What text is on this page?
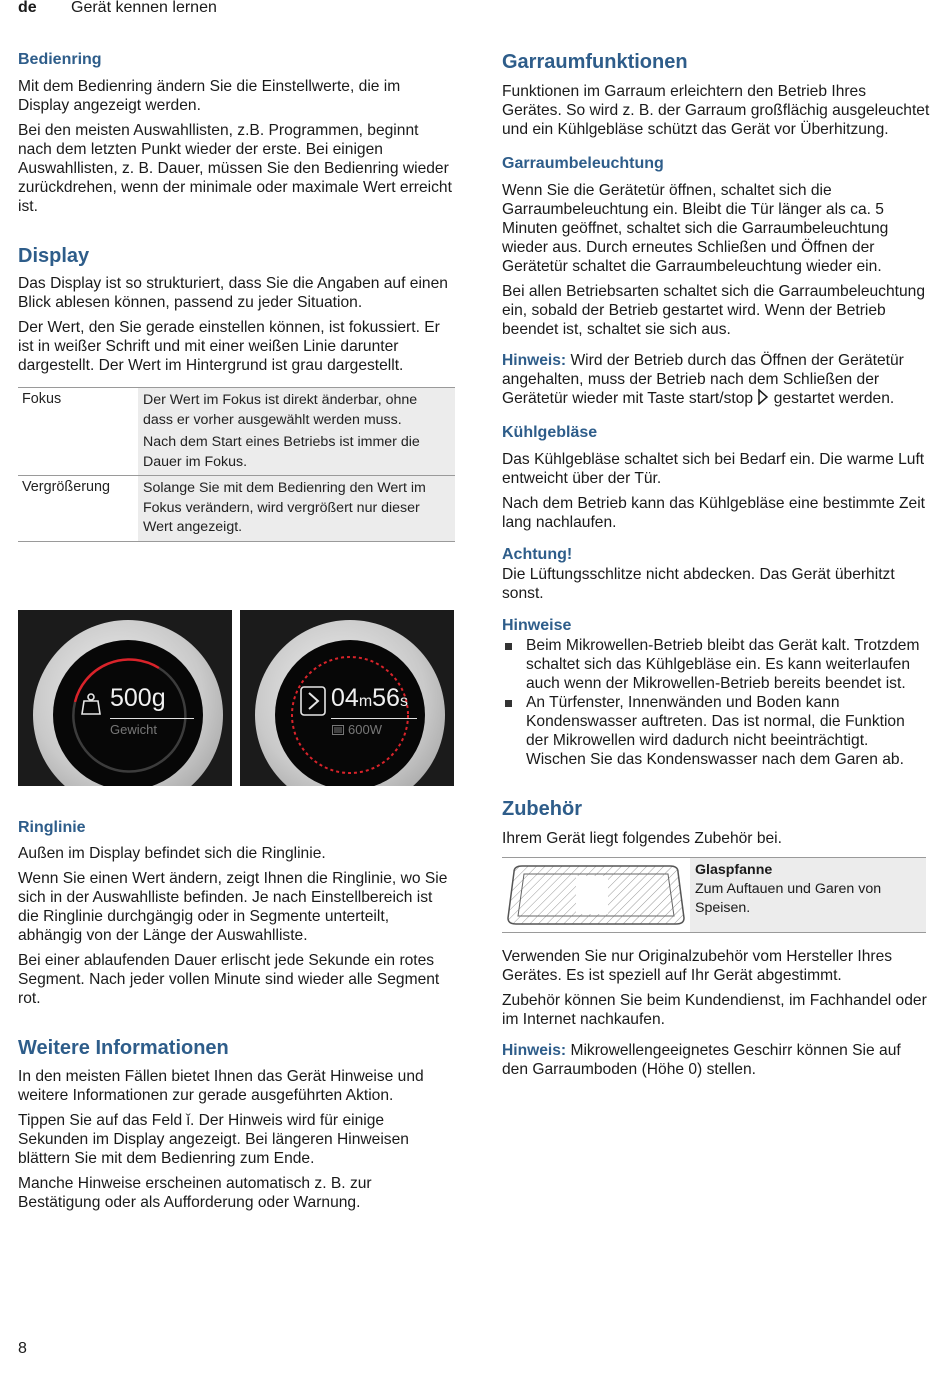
de Gerät kennen lernen
Bedienring

Mit dem Bedienring ändern Sie die Einstellwerte, die im Display angezeigt werden.

Bei den meisten Auswahllisten, z.B. Programmen, beginnt nach dem letzten Punkt wieder der erste. Bei einigen Auswahllisten, z. B. Dauer, müssen Sie den Bedienring wieder zurückdrehen, wenn der minimale oder maximale Wert erreicht ist.

Display

Das Display ist so strukturiert, dass Sie die Angaben auf einen Blick ablesen können, passend zu jeder Situation.

Der Wert, den Sie gerade einstellen können, ist fokussiert. Er ist in weißer Schrift und mit einer weißen Linie darunter dargestellt. Der Wert im Hintergrund ist grau dargestellt.

Fokus	Der Wert im Fokus ist direkt änderbar, ohne dass er vorher ausgewählt werden muss.
Nach dem Start eines Betriebs ist immer die Dauer im Fokus.
Vergrößerung	Solange Sie mit dem Bedienring den Wert im Fokus verändern, wird vergrößert nur dieser Wert angezeigt.
500g
Gewicht
04m56s
600W
Ringlinie

Außen im Display befindet sich die Ringlinie.

Wenn Sie einen Wert ändern, zeigt Ihnen die Ringlinie, wo Sie sich in der Auswahlliste befinden. Je nach Einstellbereich ist die Ringlinie durchgängig oder in Segmente unterteilt, abhängig von der Länge der Auswahlliste.

Bei einer ablaufenden Dauer erlischt jede Sekunde ein rotes Segment. Nach jeder vollen Minute sind wieder alle Segment rot.

Weitere Informationen

In den meisten Fällen bietet Ihnen das Gerät Hinweise und weitere Informationen zur gerade ausgeführten Aktion.

Tippen Sie auf das Feld ǐ. Der Hinweis wird für einige Sekunden im Display angezeigt. Bei längeren Hinweisen blättern Sie mit dem Bedienring zum Ende.

Manche Hinweise erscheinen automatisch z. B. zur Bestätigung oder als Aufforderung oder Warnung.

Garraumfunktionen

Funktionen im Garraum erleichtern den Betrieb Ihres Gerätes. So wird z. B. der Garraum großflächig ausgeleuchtet und ein Kühlgebläse schützt das Gerät vor Überhitzung.

Garraumbeleuchtung

Wenn Sie die Gerätetür öffnen, schaltet sich die Garraumbeleuchtung ein. Bleibt die Tür länger als ca. 5 Minuten geöffnet, schaltet sich die Garraumbeleuchtung wieder aus. Durch erneutes Schließen und Öffnen der Gerätetür schaltet die Garraumbeleuchtung wieder ein.

Bei allen Betriebsarten schaltet sich die Garraumbeleuchtung ein, sobald der Betrieb gestartet wird. Wenn der Betrieb beendet ist, schaltet sie sich aus.

Hinweis: Wird der Betrieb durch das Öffnen der Gerätetür angehalten, muss der Betrieb nach dem Schließen der Gerätetür wieder mit Taste start/stop  gestartet werden.

Kühlgebläse

Das Kühlgebläse schaltet sich bei Bedarf ein. Die warme Luft entweicht über der Tür.

Nach dem Betrieb kann das Kühlgebläse eine bestimmte Zeit lang nachlaufen.

Achtung!

Die Lüftungsschlitze nicht abdecken. Das Gerät überhitzt sonst.

Hinweise
Beim Mikrowellen-Betrieb bleibt das Gerät kalt. Trotzdem schaltet sich das Kühlgebläse ein. Es kann weiterlaufen auch wenn der Mikrowellen-Betrieb bereits beendet ist.
An Türfenster, Innenwänden und Boden kann Kondenswasser auftreten. Das ist normal, die Funktion der Mikrowellen wird dadurch nicht beeinträchtigt. Wischen Sie das Kondenswasser nach dem Garen ab.
Zubehör

Ihrem Gerät liegt folgendes Zubehör bei.

Glaspfanne
Zum Auftauen und Garen von Speisen.

Verwenden Sie nur Originalzubehör vom Hersteller Ihres Gerätes. Es ist speziell auf Ihr Gerät abgestimmt.

Zubehör können Sie beim Kundendienst, im Fachhandel oder im Internet nachkaufen.

Hinweis: Mikrowellengeeignetes Geschirr können Sie auf den Garraumboden (Höhe 0) stellen.

8
